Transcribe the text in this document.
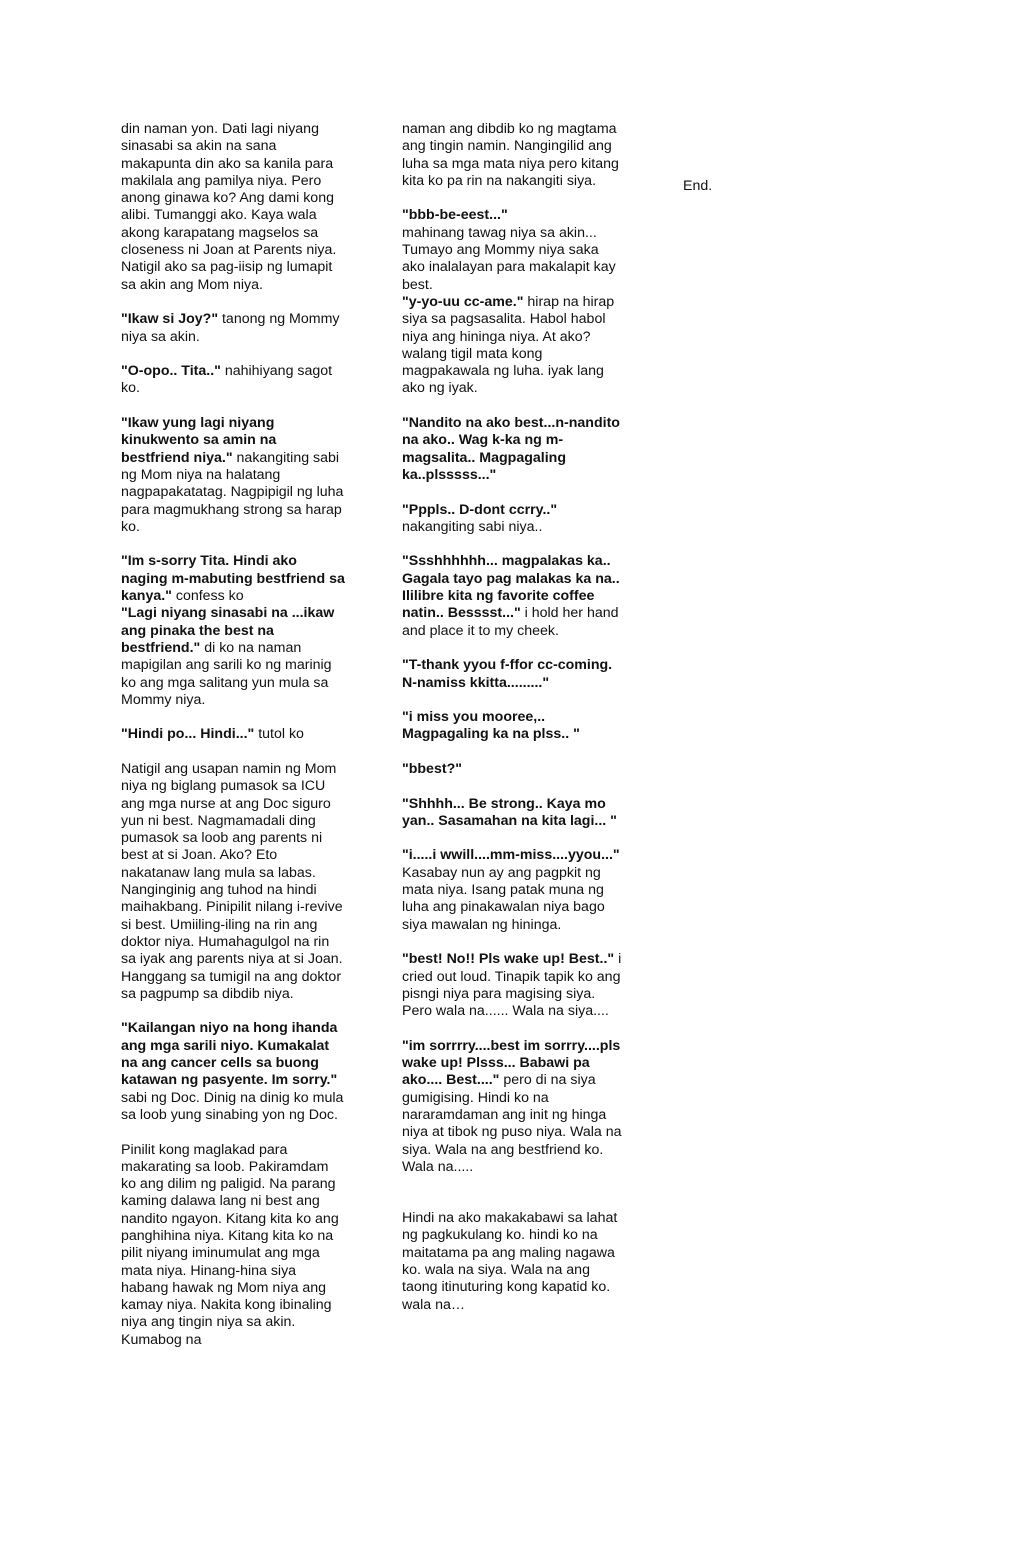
din naman yon. Dati lagi niyang sinasabi sa akin na sana makapunta din ako sa kanila para makilala ang pamilya niya. Pero anong ginawa ko? Ang dami kong alibi. Tumanggi ako. Kaya wala akong karapatang magselos sa closeness ni Joan at Parents niya. Natigil ako sa pag-iisip ng lumapit sa akin ang Mom niya.

"Ikaw si Joy?" tanong ng Mommy niya sa akin.

"O-opo.. Tita.." nahihiyang sagot ko.

"Ikaw yung lagi niyang kinukwento sa amin na bestfriend niya." nakangiting sabi ng Mom niya na halatang nagpapakatatag. Nagpipigil ng luha para magmukhang strong sa harap ko.

"Im s-sorry Tita. Hindi ako naging m-mabuting bestfriend sa kanya." confess ko
"Lagi niyang sinasabi na ...ikaw ang pinaka the best na bestfriend." di ko na naman mapigilan ang sarili ko ng marinig ko ang mga salitang yun mula sa Mommy niya.

"Hindi po... Hindi..." tutol ko

Natigil ang usapan namin ng Mom niya ng biglang pumasok sa ICU ang mga nurse at ang Doc siguro yun ni best. Nagmamadali ding pumasok sa loob ang parents ni best at si Joan. Ako? Eto nakatanaw lang mula sa labas. Nanginginig ang tuhod na hindi maihakbang. Pinipilit nilang i-revive si best. Umiiling-iling na rin ang doktor niya. Humahagulgol na rin sa iyak ang parents niya at si Joan. Hanggang sa tumigil na ang doktor sa pagpump sa dibdib niya.

"Kailangan niyo na hong ihanda ang mga sarili niyo. Kumakalat na ang cancer cells sa buong katawan ng pasyente. Im sorry." sabi ng Doc. Dinig na dinig ko mula sa loob yung sinabing yon ng Doc.

Pinilit kong maglakad para makarating sa loob. Pakiramdam ko ang dilim ng paligid. Na parang kaming dalawa lang ni best ang nandito ngayon. Kitang kita ko ang panghihina niya. Kitang kita ko na pilit niyang iminumulat ang mga mata niya. Hinang-hina siya habang hawak ng Mom niya ang kamay niya. Nakita kong ibinaling niya ang tingin niya sa akin. Kumabog na

naman ang dibdib ko ng magtama ang tingin namin. Nangingilid ang luha sa mga mata niya pero kitang kita ko pa rin na nakangiti siya.

"bbb-be-eest..."
mahinang tawag niya sa akin... Tumayo ang Mommy niya saka ako inalalayan para makalapit kay best.
"y-yo-uu cc-ame." hirap na hirap siya sa pagsasalita. Habol habol niya ang hininga niya. At ako? walang tigil mata kong magpakawala ng luha. iyak lang ako ng iyak.

"Nandito na ako best...n-nandito na ako.. Wag k-ka ng m-magsalita.. Magpagaling ka..plsssss..."

"Pppls.. D-dont ccrry.." nakangiting sabi niya..

"Ssshhhhhh... magpalakas ka.. Gagala tayo pag malakas ka na.. Ililibre kita ng favorite coffee natin.. Besssst..." i hold her hand and place it to my cheek.

"T-thank yyou f-ffor cc-coming. N-namiss kkitta........."

"i miss you mooree,.. Magpagaling ka na plss.. "

"bbest?"

"Shhhh... Be strong.. Kaya mo yan.. Sasamahan na kita lagi... "

"i.....i wwill....mm-miss....yyou..."
Kasabay nun ay ang pagpkit ng mata niya. Isang patak muna ng luha ang pinakawalan niya bago siya mawalan ng hininga.

"best! No!! Pls wake up! Best.." i cried out loud. Tinapik tapik ko ang pisngi niya para magising siya. Pero wala na...... Wala na siya....

"im sorrrry....best im sorrry....pls wake up! Plsss... Babawi pa ako.... Best...." pero di na siya gumigising. Hindi ko na nararamdaman ang init ng hinga niya at tibok ng puso niya. Wala na siya. Wala na ang bestfriend ko. Wala na.....

Hindi na ako makakabawi sa lahat ng pagkukulang ko. hindi ko na maitatama pa ang maling nagawa ko. wala na siya. Wala na ang taong itinuturing kong kapatid ko. wala na…

End.
